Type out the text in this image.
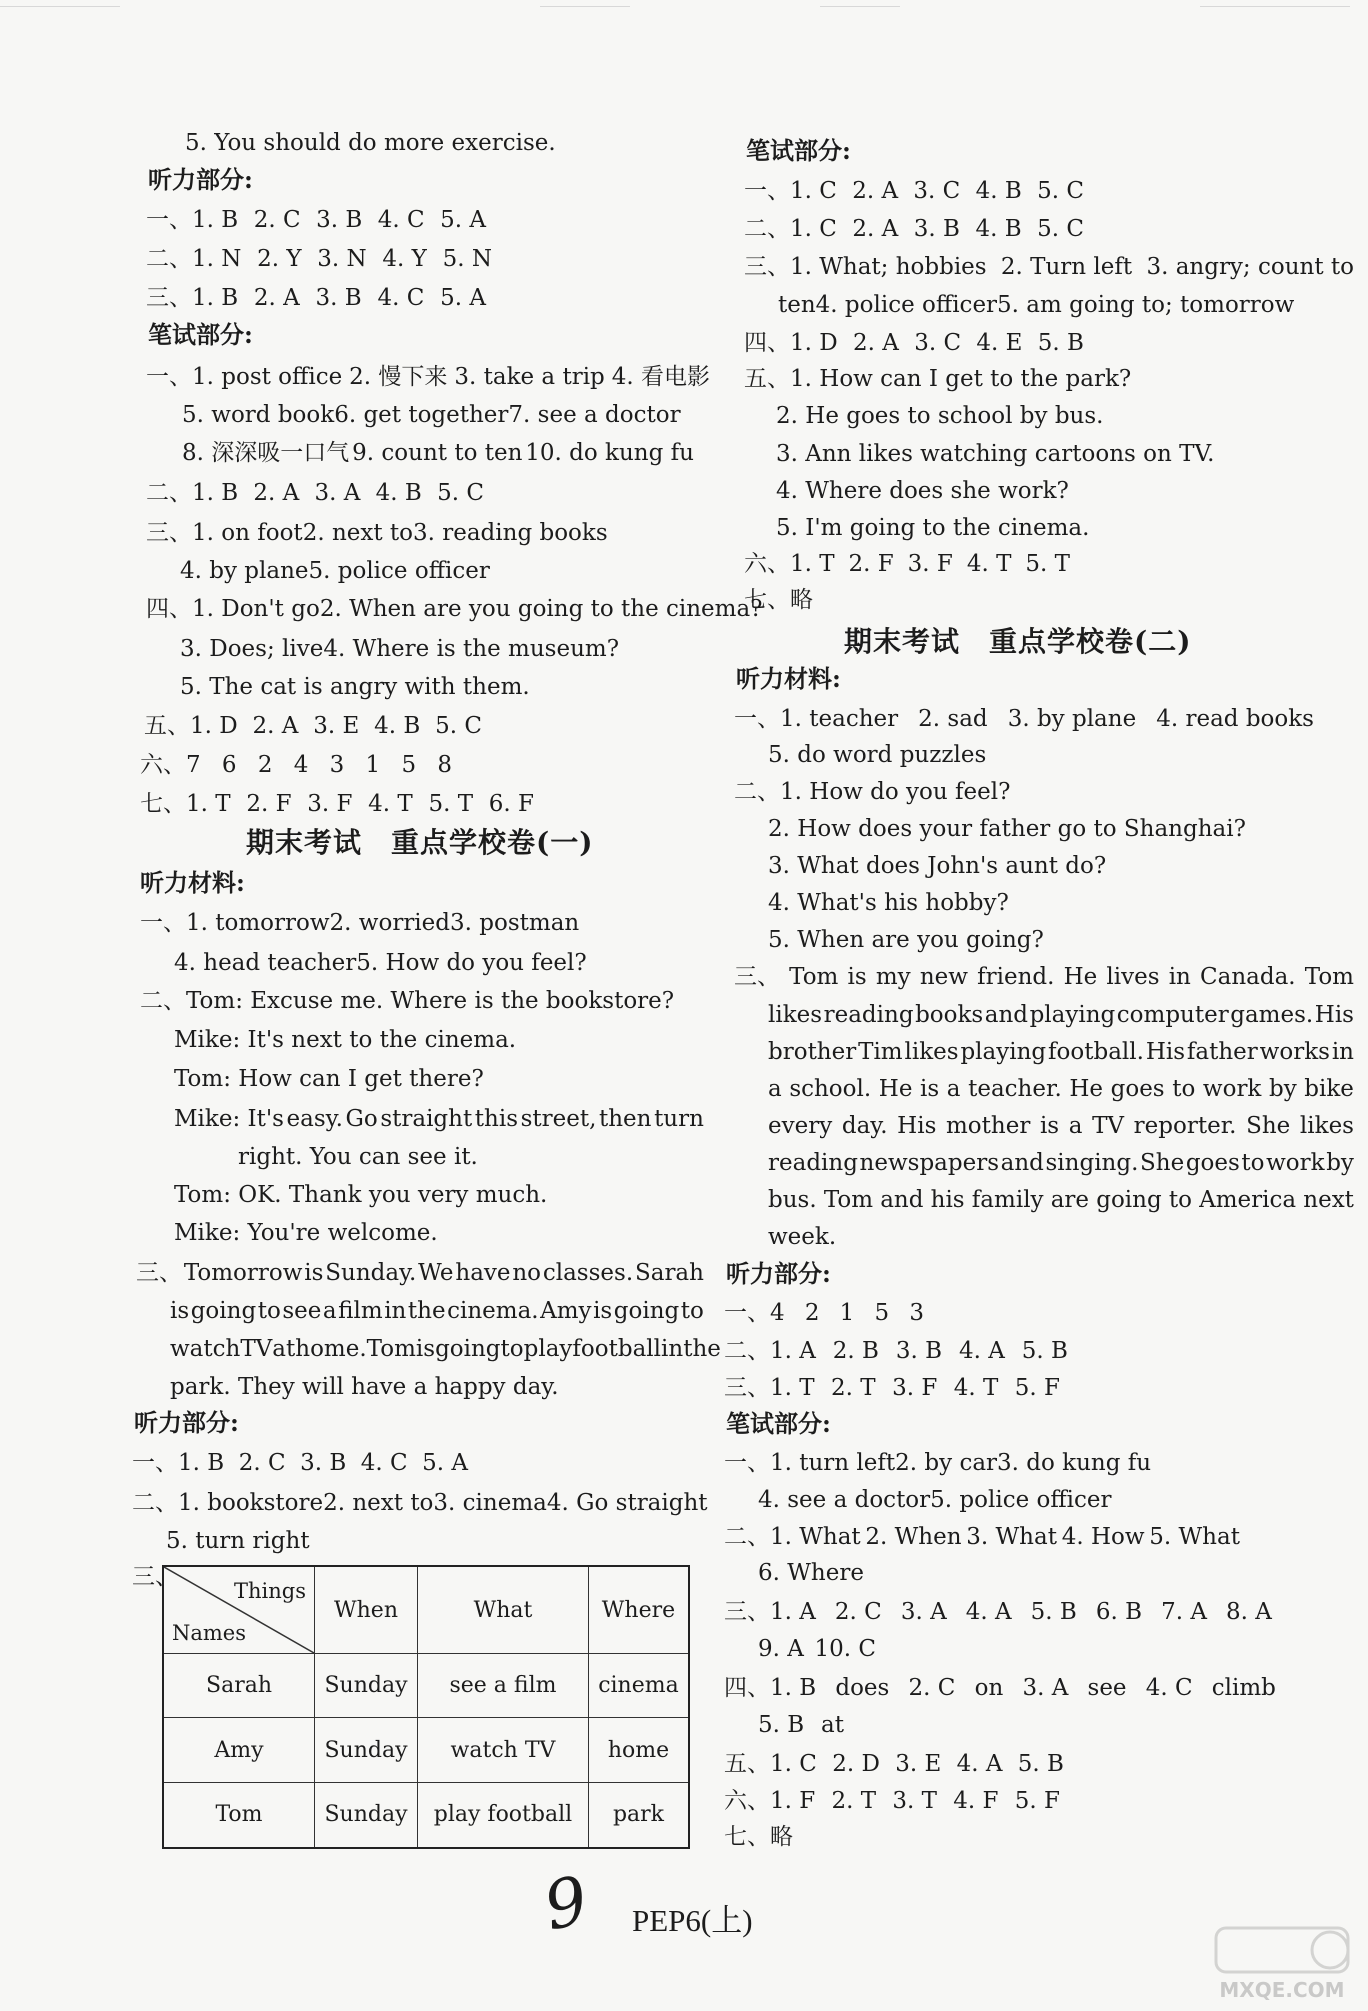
5. You should do more exercise.
听力部分:
一、1. B 2. C 3. B 4. C 5. A
二、1. N 2. Y 3. N 4. Y 5. N
三、1. B 2. A 3. B 4. C 5. A
笔试部分:
一、1. post office 2. 慢下来 3. take a trip 4. 看电影
5. word book 6. get together 7. see a doctor
8. 深深吸一口气 9. count to ten 10. do kung fu
二、1. B 2. A 3. A 4. B 5. C
三、1. on foot 2. next to 3. reading books
4. by plane 5. police officer
四、1. Don't go 2. When are you going to the cinema?
3. Does; live 4. Where is the museum?
5. The cat is angry with them.
五、1. D 2. A 3. E 4. B 5. C
六、7 6 2 4 3 1 5 8
七、1. T 2. F 3. F 4. T 5. T 6. F
期末考试　重点学校卷(一)
听力材料:
一、1. tomorrow 2. worried 3. postman
4. head teacher 5. How do you feel?
二、Tom: Excuse me. Where is the bookstore?
Mike: It's next to the cinema.
Tom: How can I get there?
Mike: It's easy. Go straight this street, then turn
right. You can see it.
Tom: OK. Thank you very much.
Mike: You're welcome.
三、 Tomorrow is Sunday. We have no classes. Sarah
is going to see a film in the cinema. Amy is going to
watch TV at home. Tom is going to play football in the
park. They will have a happy day.
听力部分:
一、1. B 2. C 3. B 4. C 5. A
二、1. bookstore 2. next to 3. cinema 4. Go straight
5. turn right
三、
Things
Names	When	What	Where
Sarah	Sunday	see a film	cinema
Amy	Sunday	watch TV	home
Tom	Sunday	play football	park
笔试部分:
一、1. C 2. A 3. C 4. B 5. C
二、1. C 2. A 3. B 4. B 5. C
三、1. What; hobbies 2. Turn left 3. angry; count to
ten 4. police officer 5. am going to; tomorrow
四、1. D 2. A 3. C 4. E 5. B
五、1. How can I get to the park?
2. He goes to school by bus.
3. Ann likes watching cartoons on TV.
4. Where does she work?
5. I'm going to the cinema.
六、1. T 2. F 3. F 4. T 5. T
七、略
期末考试　重点学校卷(二)
听力材料:
一、1. teacher 2. sad 3. by plane 4. read books
5. do word puzzles
二、1. How do you feel?
2. How does your father go to Shanghai?
3. What does John's aunt do?
4. What's his hobby?
5. When are you going?
三、 Tom is my new friend. He lives in Canada. Tom
likes reading books and playing computer games. His
brother Tim likes playing football. His father works in
a school. He is a teacher. He goes to work by bike
every day. His mother is a TV reporter. She likes
reading newspapers and singing. She goes to work by
bus. Tom and his family are going to America next
week.
听力部分:
一、4 2 1 5 3
二、1. A 2. B 3. B 4. A 5. B
三、1. T 2. T 3. F 4. T 5. F
笔试部分:
一、1. turn left 2. by car 3. do kung fu
4. see a doctor 5. police officer
二、1. What 2. When 3. What 4. How 5. What
6. Where
三、1. A 2. C 3. A 4. A 5. B 6. B 7. A 8. A
9. A 10. C
四、1. B does 2. C on 3. A see 4. C climb
5. B at
五、1. C 2. D 3. E 4. A 5. B
六、1. F 2. T 3. T 4. F 5. F
七、略
9 PEP6(上)
MXQE.COM
